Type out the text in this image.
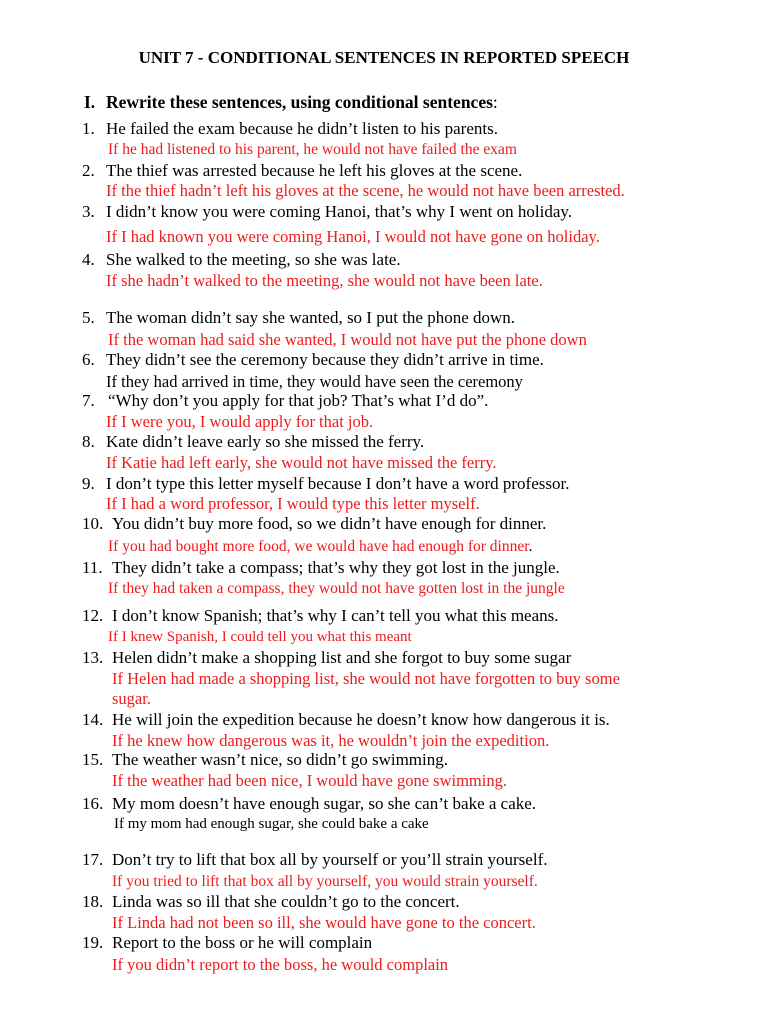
UNIT 7 - CONDITIONAL SENTENCES IN REPORTED SPEECH
I. Rewrite these sentences, using conditional sentences:
1. He failed the exam because he didn’t listen to his parents.
If he had listened to his parent, he would not have failed the exam
2. The thief was arrested because he left his gloves at the scene.
If the thief hadn’t left his gloves at the scene, he would not have been arrested.
3. I didn’t know you were coming Hanoi, that’s why I went on holiday.
If I had known you were coming Hanoi, I would not have gone on holiday.
4. She walked to the meeting, so she was late.
If she hadn’t walked to the meeting, she would not have been late.
5. The woman didn’t say she wanted, so I put the phone down.
If the woman had said she wanted, I would not have put the phone down
6. They didn’t see the ceremony because they didn’t arrive in time.
If they had arrived in time, they would have seen the ceremony
7. “Why don’t you apply for that job? That’s what I’d do”.
If I were you, I would apply for that job.
8. Kate didn’t leave early so she missed the ferry.
If Katie had left early, she would not have missed the ferry.
9. I don’t type this letter myself because I don’t have a word professor.
If I had a word professor, I would type this letter myself.
10. You didn’t buy more food, so we didn’t have enough for dinner.
If you had bought more food, we would have had enough for dinner.
11. They didn’t take a compass; that’s why they got lost in the jungle.
If they had taken a compass, they would not have gotten lost in the jungle
12. I don’t know Spanish; that’s why I can’t tell you what this means.
If I knew Spanish, I could tell you what this meant
13. Helen didn’t make a shopping list and she forgot to buy some sugar
If Helen had made a shopping list, she would not have forgotten to buy some
sugar.
14. He will join the expedition because he doesn’t know how dangerous it is.
If he knew how dangerous was it, he wouldn’t join the expedition.
15. The weather wasn’t nice, so didn’t go swimming.
If the weather had been nice, I would have gone swimming.
16. My mom doesn’t have enough sugar, so she can’t bake a cake.
If my mom had enough sugar, she could bake a cake
17. Don’t try to lift that box all by yourself or you’ll strain yourself.
If you tried to lift that box all by yourself, you would strain yourself.
18. Linda was so ill that she couldn’t go to the concert.
If Linda had not been so ill, she would have gone to the concert.
19. Report to the boss or he will complain
If you didn’t report to the boss, he would complain
